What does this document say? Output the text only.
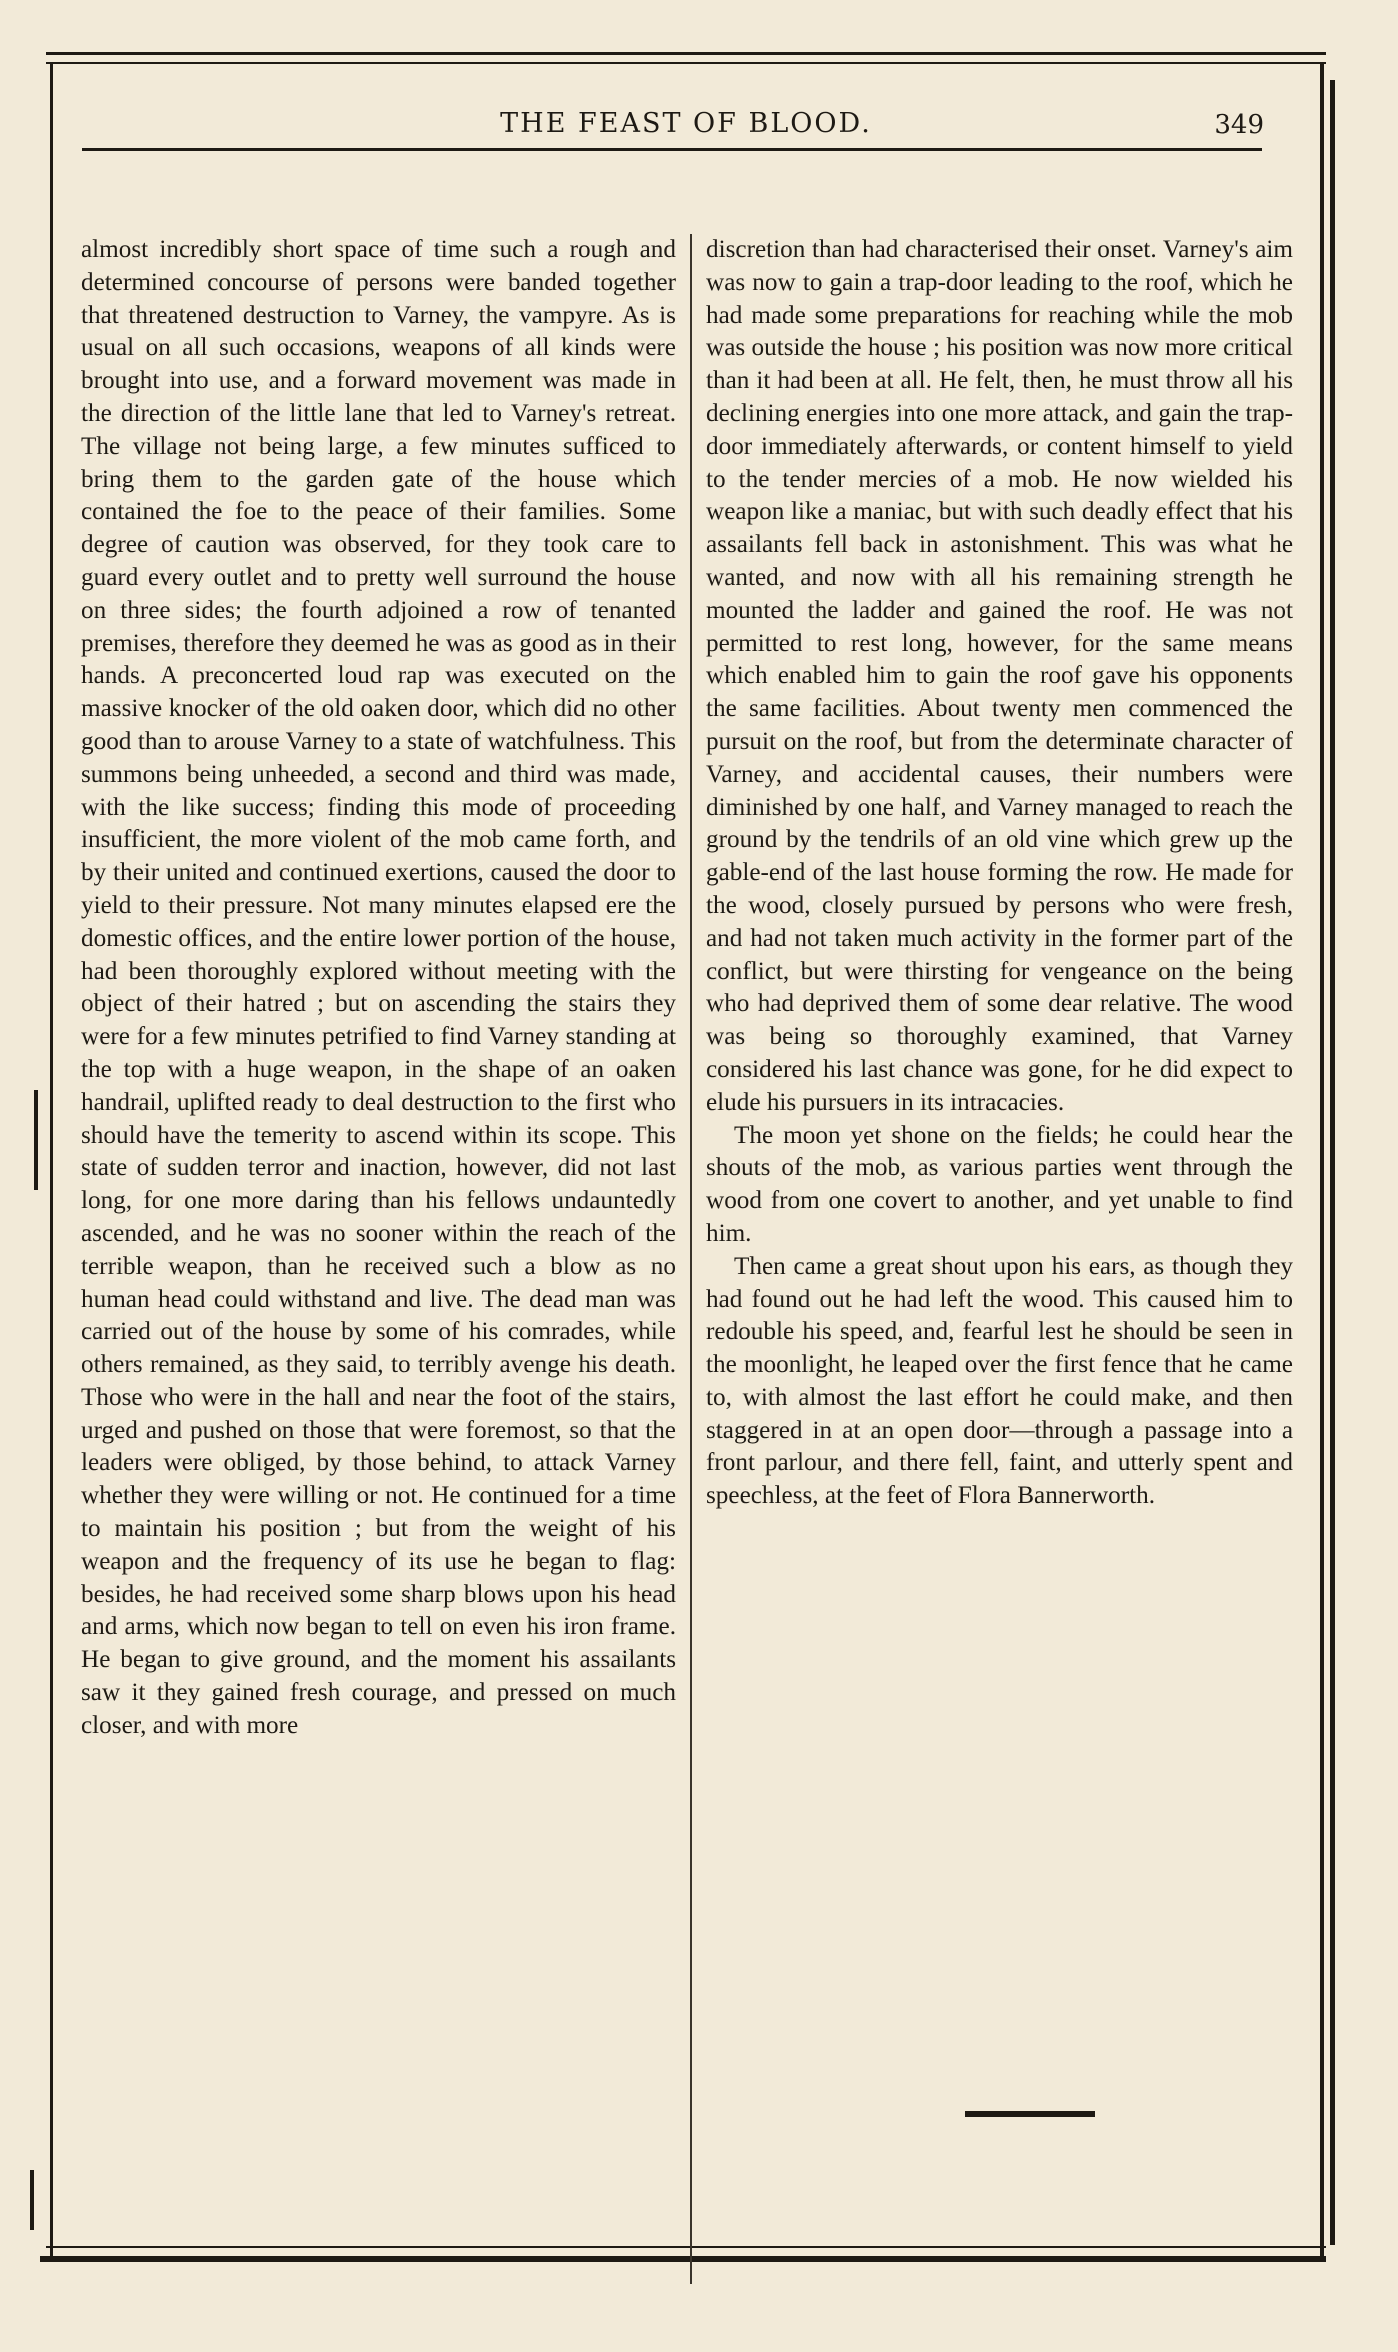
THE FEAST OF BLOOD.	349

almost incredibly short space of time such a rough and determined concourse of persons were banded together that threatened destruction to Varney, the vampyre. As is usual on all such occasions, weapons of all kinds were brought into use, and a forward movement was made in the direction of the little lane that led to Varney's retreat. The village not being large, a few minutes sufficed to bring them to the garden gate of the house which contained the foe to the peace of their families. Some degree of caution was observed, for they took care to guard every outlet and to pretty well surround the house on three sides; the fourth adjoined a row of tenanted premises, therefore they deemed he was as good as in their hands. A preconcerted loud rap was executed on the massive knocker of the old oaken door, which did no other good than to arouse Varney to a state of watchfulness. This summons being unheeded, a second and third was made, with the like success; finding this mode of proceeding insufficient, the more violent of the mob came forth, and by their united and continued exertions, caused the door to yield to their pressure. Not many minutes elapsed ere the domestic offices, and the entire lower portion of the house, had been thoroughly explored without meeting with the object of their hatred ; but on ascending the stairs they were for a few minutes petrified to find Varney standing at the top with a huge weapon, in the shape of an oaken handrail, uplifted ready to deal destruction to the first who should have the temerity to ascend within its scope. This state of sudden terror and inaction, however, did not last long, for one more daring than his fellows undauntedly ascended, and he was no sooner within the reach of the terrible weapon, than he received such a blow as no human head could withstand and live. The dead man was carried out of the house by some of his comrades, while others remained, as they said, to terribly avenge his death. Those who were in the hall and near the foot of the stairs, urged and pushed on those that were foremost, so that the leaders were obliged, by those behind, to attack Varney whether they were willing or not. He continued for a time to maintain his position ; but from the weight of his weapon and the frequency of its use he began to flag: besides, he had received some sharp blows upon his head and arms, which now began to tell on even his iron frame. He began to give ground, and the moment his assailants saw it they gained fresh courage, and pressed on much closer, and with more

discretion than had characterised their onset. Varney's aim was now to gain a trap-door leading to the roof, which he had made some preparations for reaching while the mob was outside the house ; his position was now more critical than it had been at all. He felt, then, he must throw all his declining energies into one more attack, and gain the trap-door immediately afterwards, or content himself to yield to the tender mercies of a mob. He now wielded his weapon like a maniac, but with such deadly effect that his assailants fell back in astonishment. This was what he wanted, and now with all his remaining strength he mounted the ladder and gained the roof. He was not permitted to rest long, however, for the same means which enabled him to gain the roof gave his opponents the same facilities. About twenty men commenced the pursuit on the roof, but from the determinate character of Varney, and accidental causes, their numbers were diminished by one half, and Varney managed to reach the ground by the tendrils of an old vine which grew up the gable-end of the last house forming the row. He made for the wood, closely pursued by persons who were fresh, and had not taken much activity in the former part of the conflict, but were thirsting for vengeance on the being who had deprived them of some dear relative. The wood was being so thoroughly examined, that Varney considered his last chance was gone, for he did expect to elude his pursuers in its intracacies.

The moon yet shone on the fields; he could hear the shouts of the mob, as various parties went through the wood from one covert to another, and yet unable to find him.

Then came a great shout upon his ears, as though they had found out he had left the wood. This caused him to redouble his speed, and, fearful lest he should be seen in the moonlight, he leaped over the first fence that he came to, with almost the last effort he could make, and then staggered in at an open door—through a passage into a front parlour, and there fell, faint, and utterly spent and speechless, at the feet of Flora Bannerworth.
